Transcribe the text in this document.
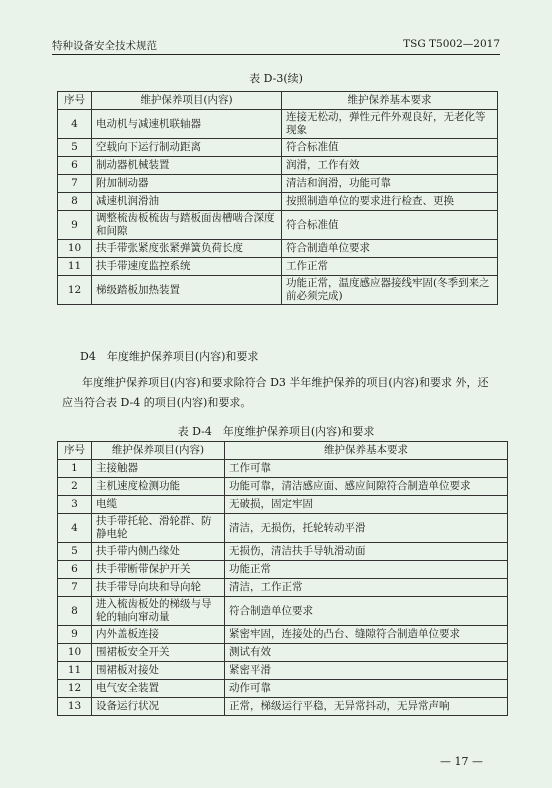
特种设备安全技术规范	TSG T5002—2017
表 D-3(续)
序号	维护保养项目(内容)	维护保养基本要求
4	电动机与减速机联轴器	连接无松动，弹性元件外观良好，无老化等现象
5	空载向下运行制动距离	符合标准值
6	制动器机械装置	润滑，工作有效
7	附加制动器	清洁和润滑，功能可靠
8	减速机润滑油	按照制造单位的要求进行检查、更换
9	调整梳齿板梳齿与踏板面齿槽啮合深度和间隙	符合标准值
10	扶手带张紧度张紧弹簧负荷长度	符合制造单位要求
11	扶手带速度监控系统	工作正常
12	梯级踏板加热装置	功能正常，温度感应器接线牢固(冬季到来之前必须完成)
D4　年度维护保养项目(内容)和要求
年度维护保养项目(内容)和要求除符合 D3 半年维护保养的项目(内容)和要求 外，还应当符合表 D-4 的项目(内容)和要求。
表 D-4　年度维护保养项目(内容)和要求
序号	维护保养项目(内容)	维护保养基本要求
1	主接触器	工作可靠
2	主机速度检测功能	功能可靠，清洁感应面、感应间隙符合制造单位要求
3	电缆	无破损，固定牢固
4	扶手带托轮、滑轮群、防静电轮	清洁，无损伤，托轮转动平滑
5	扶手带内侧凸缘处	无损伤，清洁扶手导轨滑动面
6	扶手带断带保护开关	功能正常
7	扶手带导向块和导向轮	清洁，工作正常
8	进入梳齿板处的梯级与导轮的轴向窜动量	符合制造单位要求
9	内外盖板连接	紧密牢固，连接处的凸台、缝隙符合制造单位要求
10	围裙板安全开关	测试有效
11	围裙板对接处	紧密平滑
12	电气安全装置	动作可靠
13	设备运行状况	正常，梯级运行平稳，无异常抖动，无异常声响
— 17 —
